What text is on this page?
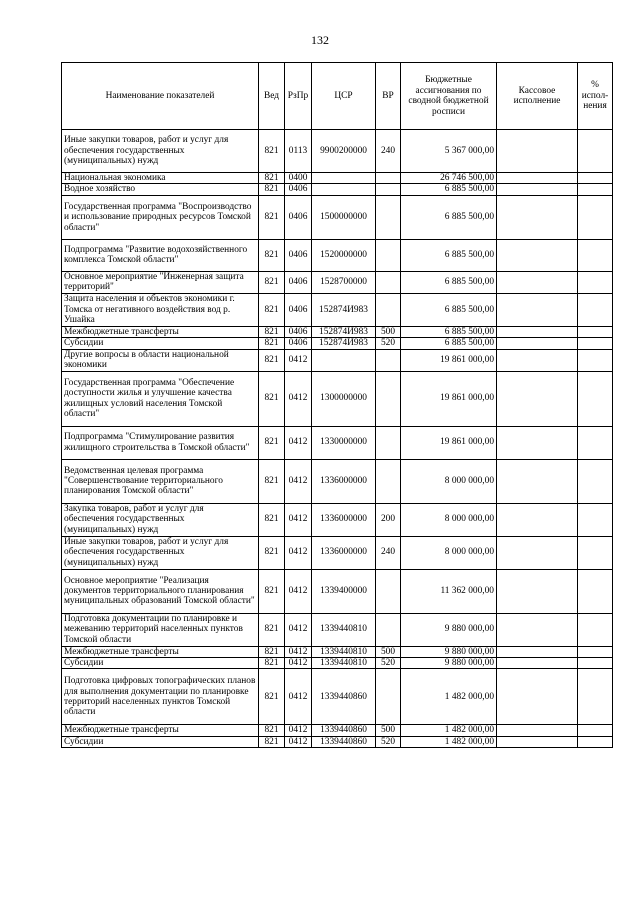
132
Наименование показателей	Вед	РзПр	ЦСР	ВР	Бюджетные ассигнования по сводной бюджетной росписи	Кассовое исполнение	% испол-нения
Иные закупки товаров, работ и услуг для обеспечения государственных (муниципальных) нужд	821	0113	9900200000	240	5 367 000,00		
Национальная экономика	821	0400			26 746 500,00		
Водное хозяйство	821	0406			6 885 500,00		
Государственная программа "Воспроизводство и использование природных ресурсов Томской области"	821	0406	1500000000		6 885 500,00		
Подпрограмма "Развитие водохозяйственного комплекса Томской области"	821	0406	1520000000		6 885 500,00		
Основное мероприятие "Инженерная защита территорий"	821	0406	1528700000		6 885 500,00		
Защита населения и объектов экономики г. Томска от негативного воздействия вод р. Ушайка	821	0406	152874И983		6 885 500,00		
Межбюджетные трансферты	821	0406	152874И983	500	6 885 500,00		
Субсидии	821	0406	152874И983	520	6 885 500,00		
Другие вопросы в области национальной экономики	821	0412			19 861 000,00		
Государственная программа "Обеспечение доступности жилья и улучшение качества жилищных условий населения Томской области"	821	0412	1300000000		19 861 000,00		
Подпрограмма "Стимулирование развития жилищного строительства в Томской области"	821	0412	1330000000		19 861 000,00		
Ведомственная целевая программа "Совершенствование территориального планирования Томской области"	821	0412	1336000000		8 000 000,00		
Закупка товаров, работ и услуг для обеспечения государственных (муниципальных) нужд	821	0412	1336000000	200	8 000 000,00		
Иные закупки товаров, работ и услуг для обеспечения государственных (муниципальных) нужд	821	0412	1336000000	240	8 000 000,00		
Основное мероприятие "Реализация документов территориального планирования муниципальных образований Томской области"	821	0412	1339400000		11 362 000,00		
Подготовка документации по планировке и межеванию территорий населенных пунктов Томской области	821	0412	1339440810		9 880 000,00		
Межбюджетные трансферты	821	0412	1339440810	500	9 880 000,00		
Субсидии	821	0412	1339440810	520	9 880 000,00		
Подготовка цифровых топографических планов для выполнения документации по планировке территорий населенных пунктов Томской области	821	0412	1339440860		1 482 000,00		
Межбюджетные трансферты	821	0412	1339440860	500	1 482 000,00		
Субсидии	821	0412	1339440860	520	1 482 000,00		
